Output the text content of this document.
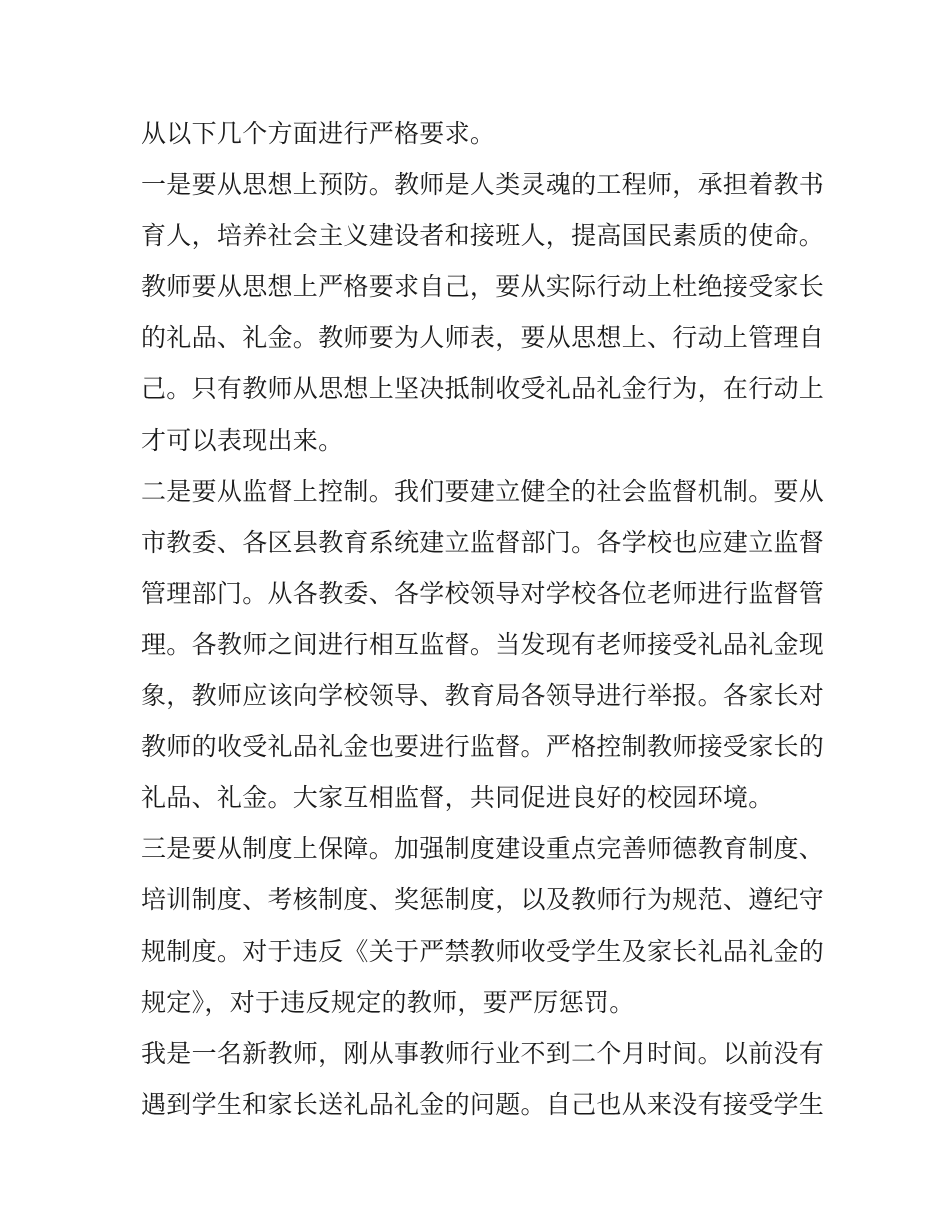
从以下几个方面进行严格要求。
一是要从思想上预防。教师是人类灵魂的工程师，承担着教书
育人，培养社会主义建设者和接班人，提高国民素质的使命。
教师要从思想上严格要求自己，要从实际行动上杜绝接受家长
的礼品、礼金。教师要为人师表，要从思想上、行动上管理自
己。只有教师从思想上坚决抵制收受礼品礼金行为，在行动上
才可以表现出来。
二是要从监督上控制。我们要建立健全的社会监督机制。要从
市教委、各区县教育系统建立监督部门。各学校也应建立监督
管理部门。从各教委、各学校领导对学校各位老师进行监督管
理。各教师之间进行相互监督。当发现有老师接受礼品礼金现
象，教师应该向学校领导、教育局各领导进行举报。各家长对
教师的收受礼品礼金也要进行监督。严格控制教师接受家长的
礼品、礼金。大家互相监督，共同促进良好的校园环境。
三是要从制度上保障。加强制度建设重点完善师德教育制度、
培训制度、考核制度、奖惩制度，以及教师行为规范、遵纪守
规制度。对于违反《关于严禁教师收受学生及家长礼品礼金的
规定》，对于违反规定的教师，要严厉惩罚。
我是一名新教师，刚从事教师行业不到二个月时间。以前没有
遇到学生和家长送礼品礼金的问题。自己也从来没有接受学生
